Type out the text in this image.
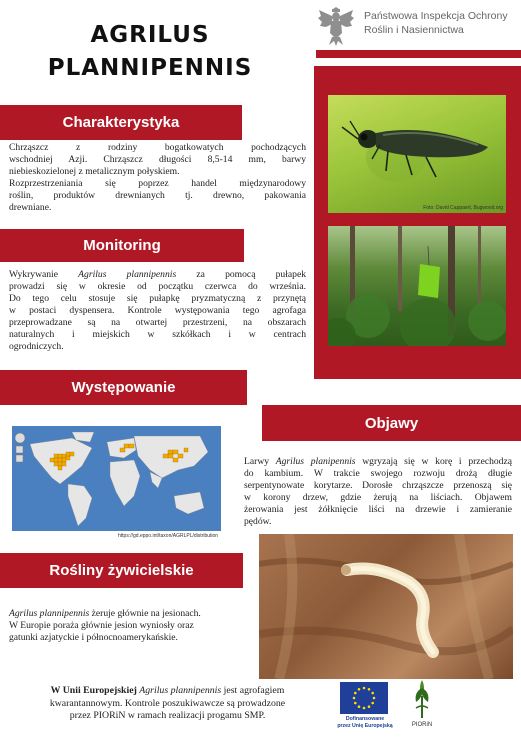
AGRILUS
PLANNIPENNIS
Państwowa Inspekcja Ochrony
Roślin i Nasiennictwa
Foto: David Cappaert, Bugwood.org
Charakterystyka
Chrząszcz z rodziny bogatkowatych pochodzących
wschodniej Azji. Chrząszcz długości 8,5-14 mm, barwy
niebieskozielonej z metalicznym połyskiem.
Rozprzestrzeniania się poprzez handel międzynarodowy
roślin, produktów drewnianych tj. drewno, pakowania
drewniane.
Monitoring
Wykrywanie Agrilus plannipennis za pomocą pułapek
prowadzi się w okresie od początku czerwca do września.
Do tego celu stosuje się pułapkę pryzmatyczną z przynętą
w postaci dyspensera. Kontrole występowania tego agrofaga
przeprowadzane są na otwartej przestrzeni, na obszarach
naturalnych i miejskich w szkółkach i w centrach
ogrodniczych.
Występowanie
https://gd.eppo.int/taxon/AGRLPL/distribution
Objawy
Larwy Agrilus planipennis wgryzają się w korę i przechodzą
do kambium. W trakcie swojego rozwoju drożą długie
serpentynowate korytarze. Dorosłe chrząszcze przenoszą się
w korony drzew, gdzie żerują na liściach. Objawem
żerowania jest żółknięcie liści na drzewie i zamieranie
pędów.
Rośliny żywicielskie
Agrilus plannipennis żeruje głównie na jesionach.
W Europie poraża głównie jesion wyniosły oraz
gatunki azjatyckie i północnoamerykańskie.
W Unii Europejskiej Agrilus plannipennis jest agrofagiem
kwarantannowym. Kontrole poszukiwawcze są prowadzone
przez PIORiN w ramach realizacji progamu SMP.	Dofinansowane
przez Unię Europejską	PIORiN
